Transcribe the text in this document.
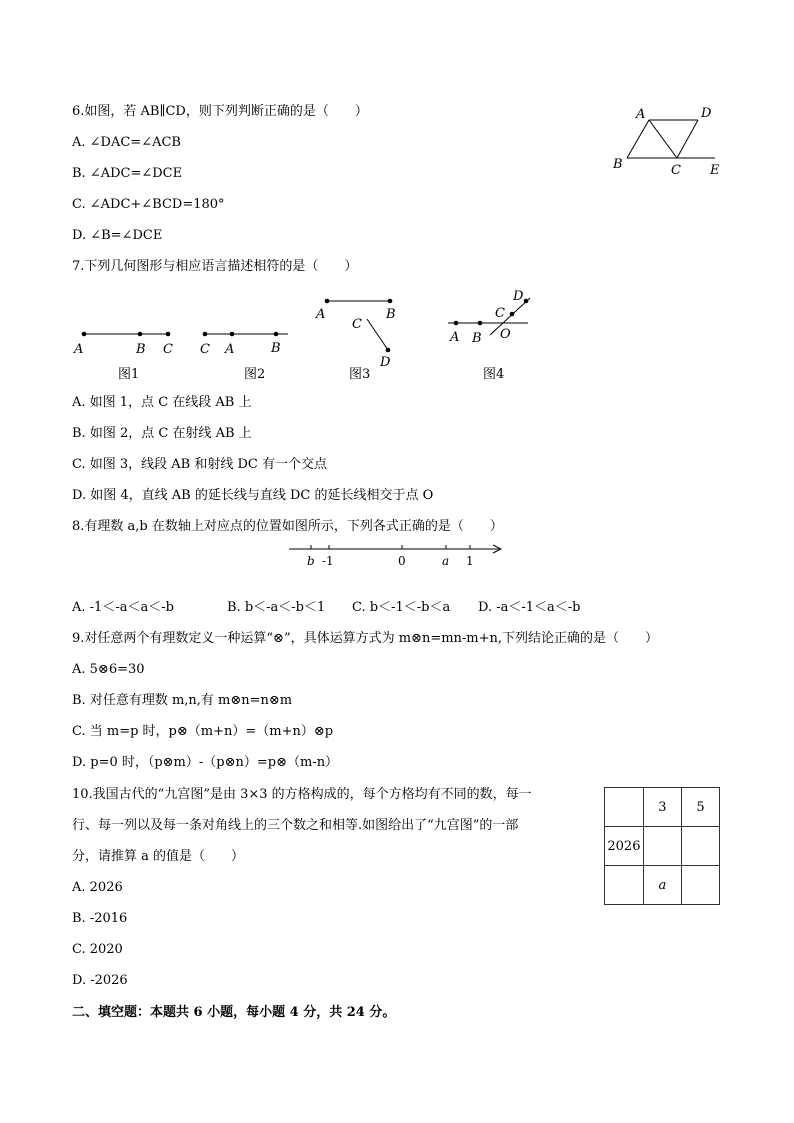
6.如图，若 AB∥CD，则下列判断正确的是（　　）
A. ∠DAC=∠ACB
B. ∠ADC=∠DCE
C. ∠ADC+∠BCD=180°
D. ∠B=∠DCE
A	D
B	C E
7.下列几何图形与相应语言描述相符的是（　　）
A	B C
图1
C A	B
图2
A	B
C
D
图3
A B
C
D
O
图4
A. 如图 1，点 C 在线段 AB 上
B. 如图 2，点 C 在射线 AB 上
C. 如图 3，线段 AB 和射线 DC 有一个交点
D. 如图 4，直线 AB 的延长线与直线 DC 的延长线相交于点 O
8.有理数 a,b 在数轴上对应点的位置如图所示，下列各式正确的是（　　）
b -1	0	a 1
A. -1＜-a＜a＜-b	B. b＜-a＜-b＜1 C. b＜-1＜-b＜a D. -a＜-1＜a＜-b
9.对任意两个有理数定义一种运算“⊗”，具体运算方式为 m⊗n=mn-m+n,下列结论正确的是（　　）
A. 5⊗6=30
B. 对任意有理数 m,n,有 m⊗n=n⊗m
C. 当 m=p 时，p⊗（m+n）=（m+n）⊗p
D. p=0 时，（p⊗m）-（p⊗n）=p⊗（m-n）
10.我国古代的“九宫图”是由 3×3 的方格构成的，每个方格均有不同的数，每一
行、每一列以及每一条对角线上的三个数之和相等.如图给出了“九宫图”的一部
分，请推算 a 的值是（　　）
A. 2026
B. -2016
C. 2020
D. -2026
	3	5
2026		
	a	
二、填空题：本题共 6 小题，每小题 4 分，共 24 分。
